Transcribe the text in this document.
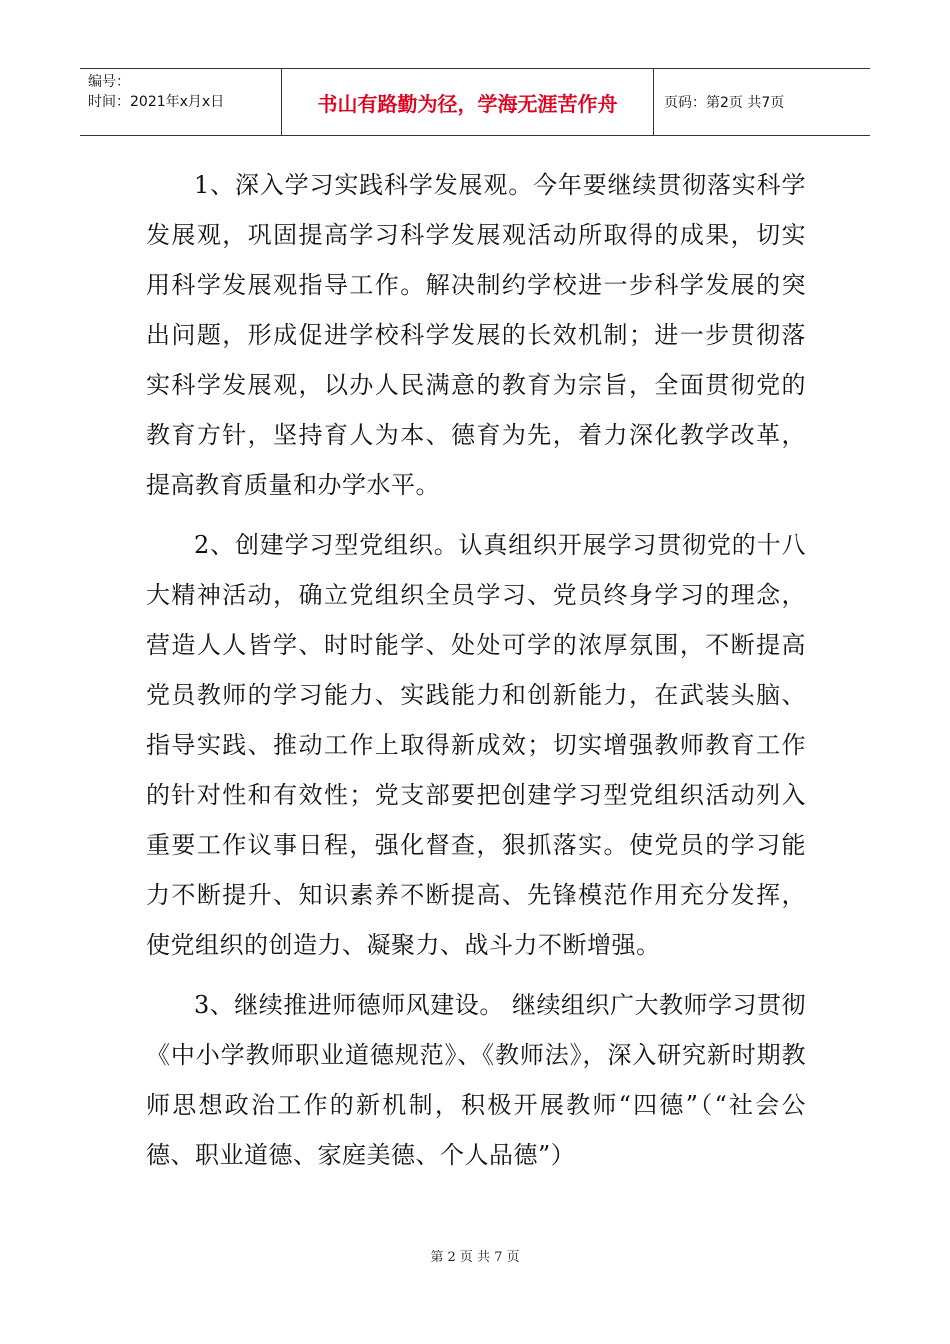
编号：
时间：2021年x月x日	书山有路勤为径，学海无涯苦作舟	页码：第2页 共7页

1、深入学习实践科学发展观。今年要继续贯彻落实科学发展观，巩固提高学习科学发展观活动所取得的成果，切实用科学发展观指导工作。解决制约学校进一步科学发展的突出问题，形成促进学校科学发展的长效机制；进一步贯彻落实科学发展观，以办人民满意的教育为宗旨，全面贯彻党的教育方针，坚持育人为本、德育为先，着力深化教学改革，提高教育质量和办学水平。

2、创建学习型党组织。认真组织开展学习贯彻党的十八大精神活动，确立党组织全员学习、党员终身学习的理念，营造人人皆学、时时能学、处处可学的浓厚氛围，不断提高党员教师的学习能力、实践能力和创新能力，在武装头脑、指导实践、推动工作上取得新成效；切实增强教师教育工作的针对性和有效性；党支部要把创建学习型党组织活动列入重要工作议事日程，强化督查，狠抓落实。使党员的学习能力不断提升、知识素养不断提高、先锋模范作用充分发挥，使党组织的创造力、凝聚力、战斗力不断增强。

3、继续推进师德师风建设。 继续组织广大教师学习贯彻《中小学教师职业道德规范》、《教师法》，深入研究新时期教师思想政治工作的新机制，积极开展教师“四德”（“社会公德、职业道德、家庭美德、个人品德”）

第 2 页 共 7 页
